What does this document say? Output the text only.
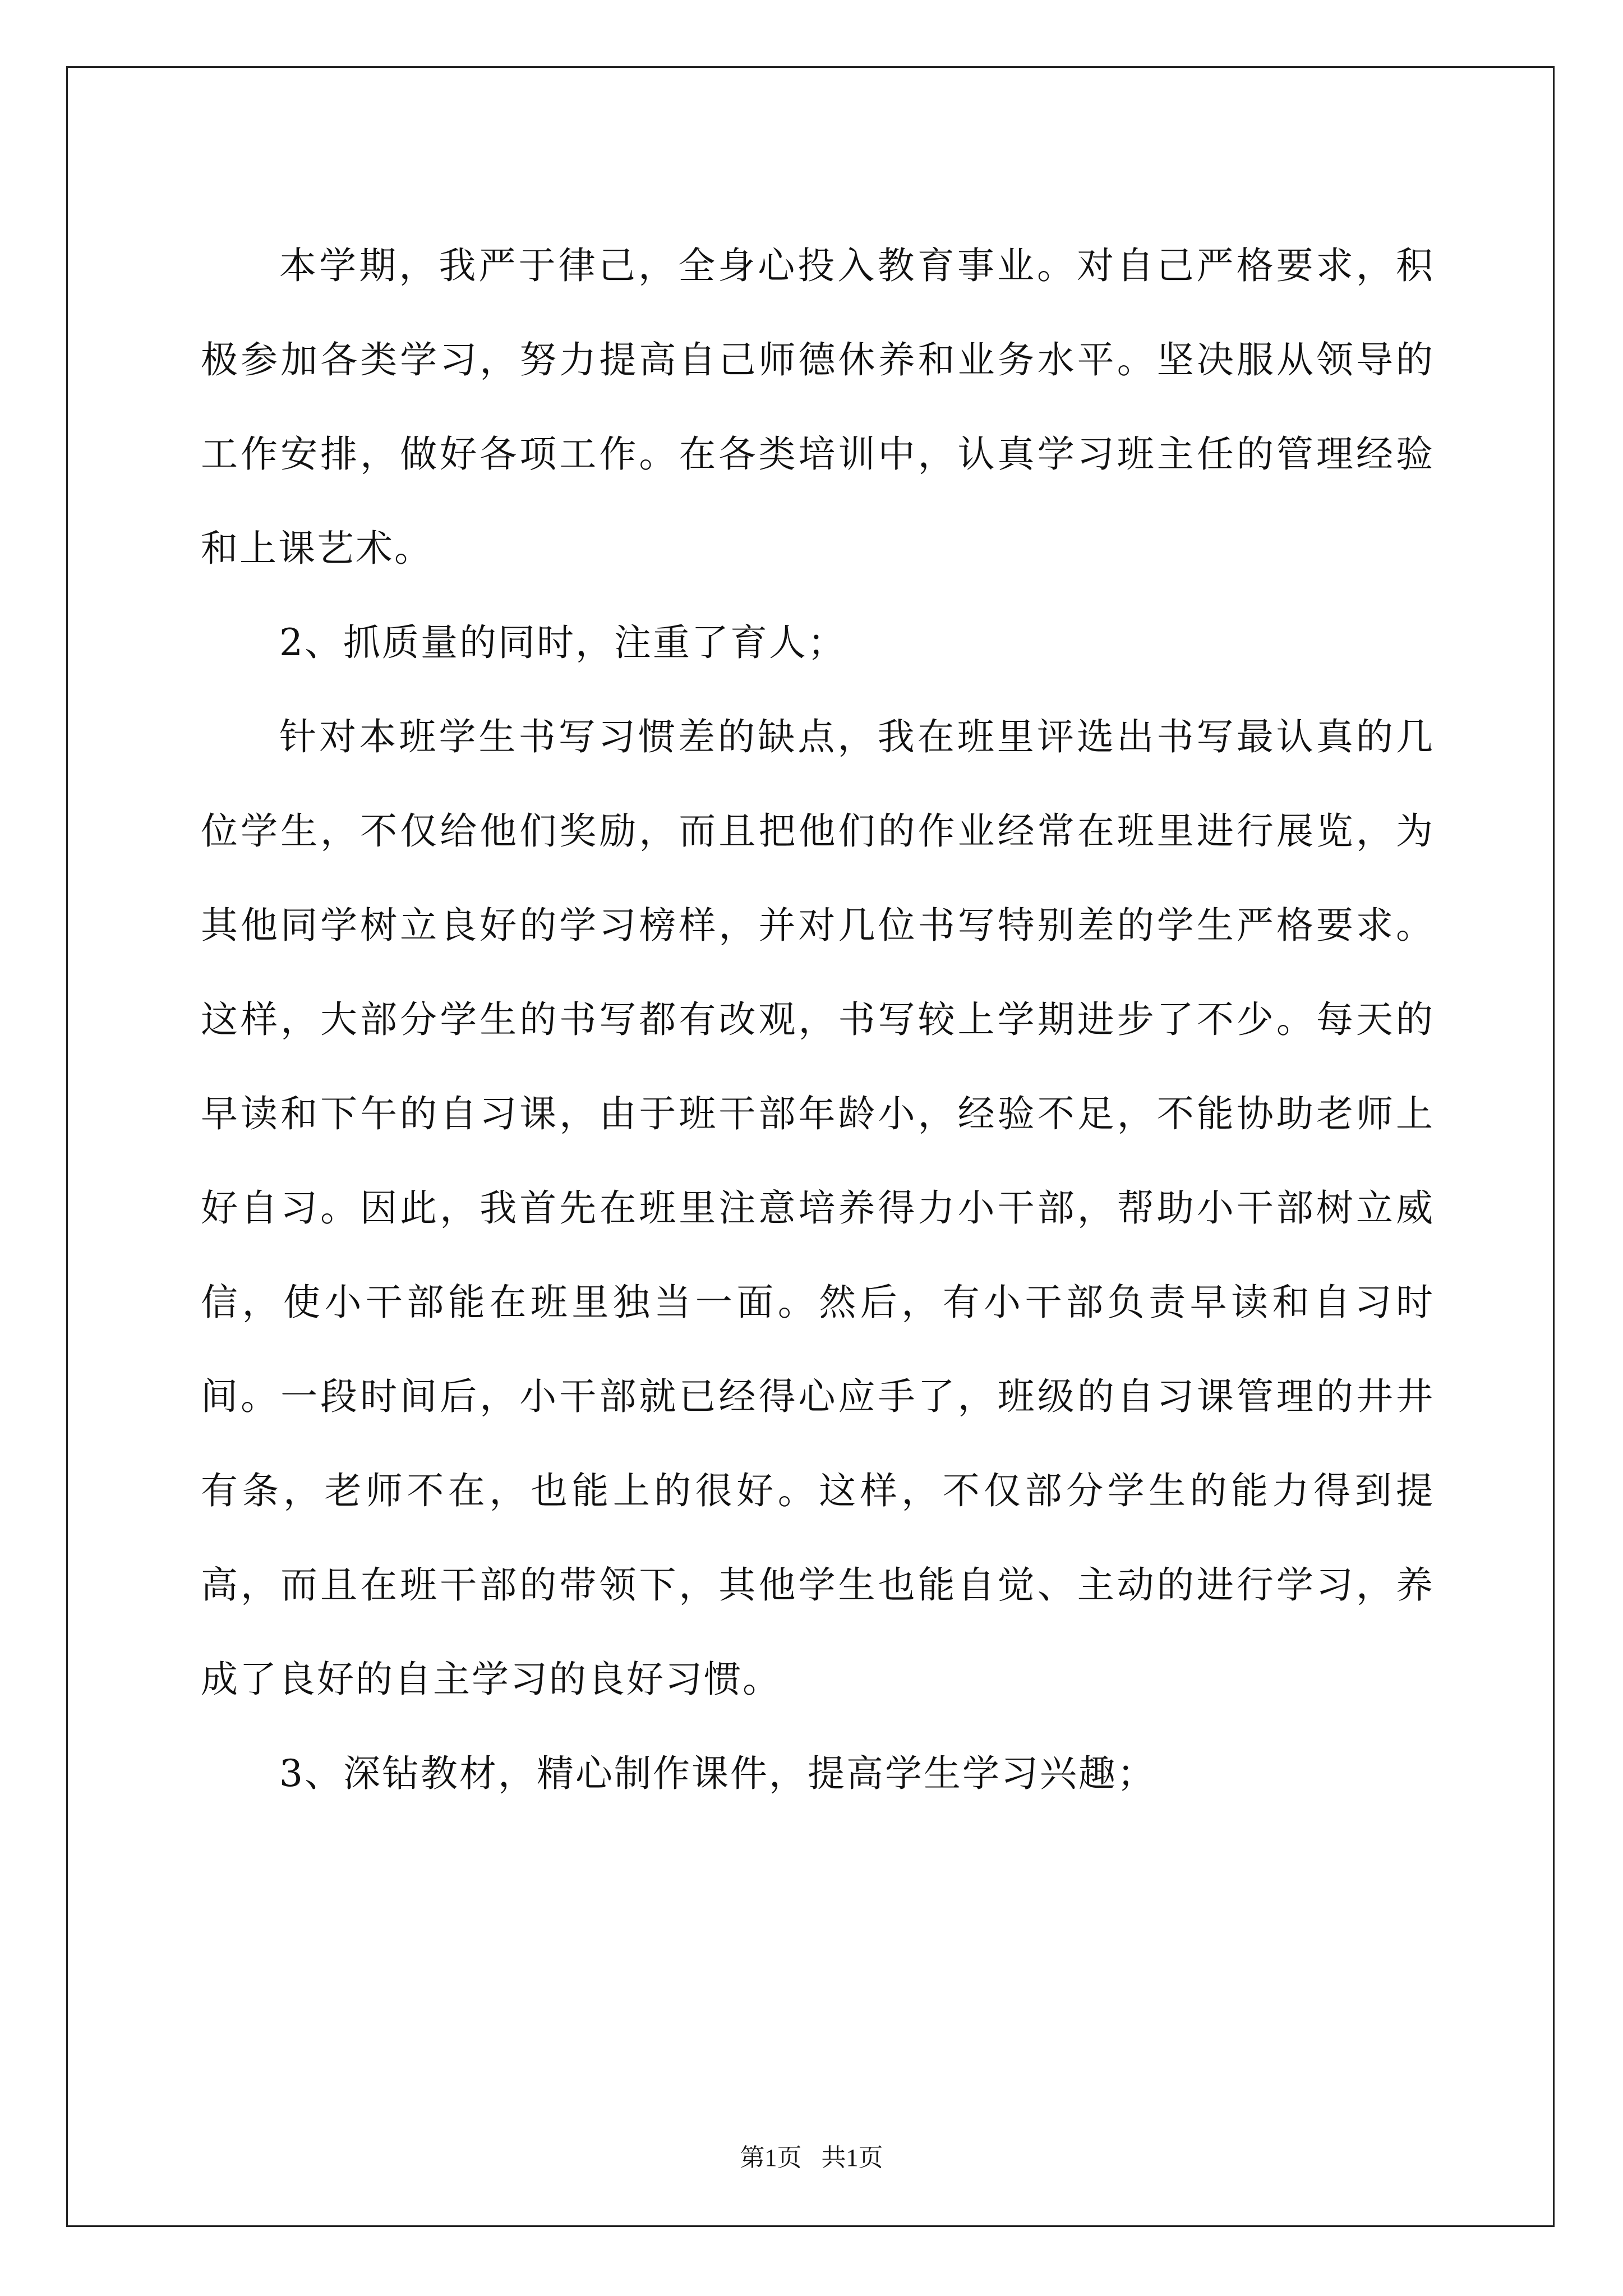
本学期，我严于律己，全身心投入教育事业。对自己严格要求，积极参加各类学习，努力提高自己师德休养和业务水平。坚决服从领导的工作安排，做好各项工作。在各类培训中，认真学习班主任的管理经验和上课艺术。

2、抓质量的同时，注重了育人；

针对本班学生书写习惯差的缺点，我在班里评选出书写最认真的几位学生，不仅给他们奖励，而且把他们的作业经常在班里进行展览，为其他同学树立良好的学习榜样，并对几位书写特别差的学生严格要求。这样，大部分学生的书写都有改观，书写较上学期进步了不少。每天的早读和下午的自习课，由于班干部年龄小，经验不足，不能协助老师上好自习。因此，我首先在班里注意培养得力小干部，帮助小干部树立威信，使小干部能在班里独当一面。然后，有小干部负责早读和自习时间。一段时间后，小干部就已经得心应手了，班级的自习课管理的井井有条，老师不在，也能上的很好。这样，不仅部分学生的能力得到提高，而且在班干部的带领下，其他学生也能自觉、主动的进行学习，养成了良好的自主学习的良好习惯。

3、深钻教材，精心制作课件，提高学生学习兴趣；

第1页 共1页
